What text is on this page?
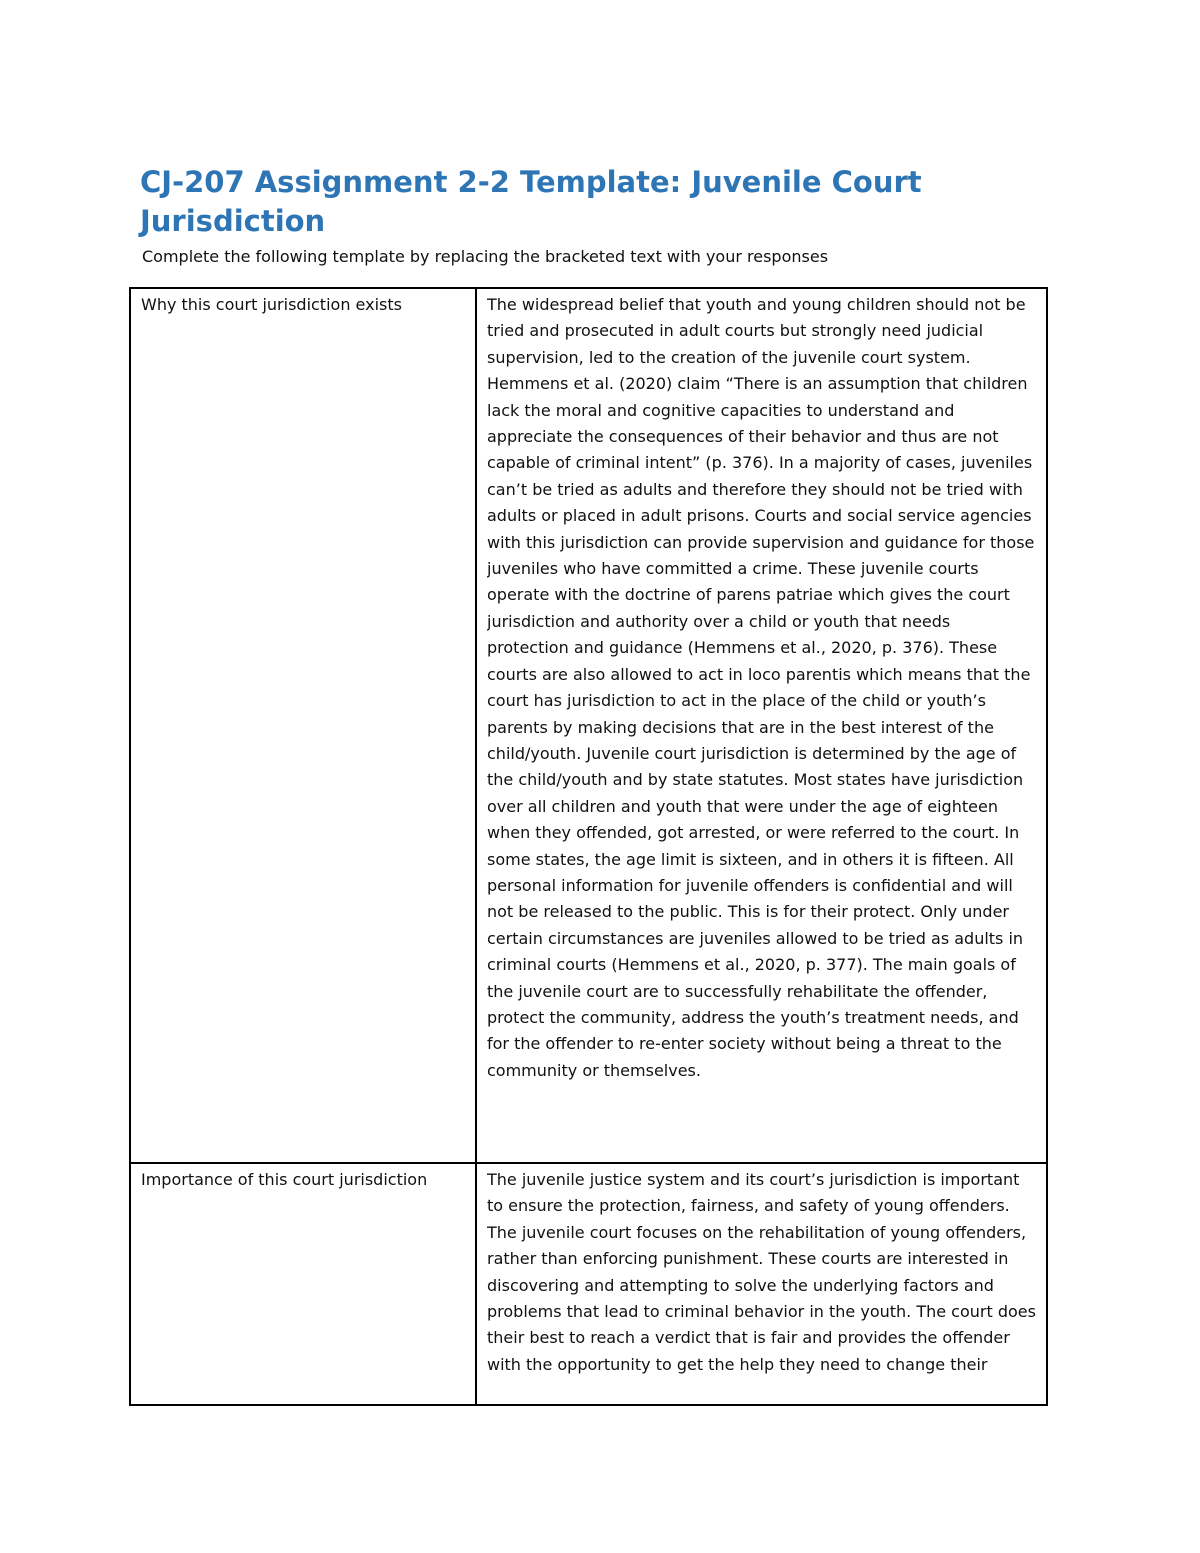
CJ-207 Assignment 2-2 Template: Juvenile Court Jurisdiction

Complete the following template by replacing the bracketed text with your responses

Why this court jurisdiction exists	The widespread belief that youth and young children should not be tried and prosecuted in adult courts but strongly need judicial supervision, led to the creation of the juvenile court system. Hemmens et al. (2020) claim “There is an assumption that children lack the moral and cognitive capacities to understand and appreciate the consequences of their behavior and thus are not capable of criminal intent” (p. 376). In a majority of cases, juveniles can’t be tried as adults and therefore they should not be tried with adults or placed in adult prisons. Courts and social service agencies with this jurisdiction can provide supervision and guidance for those juveniles who have committed a crime. These juvenile courts operate with the doctrine of parens patriae which gives the court jurisdiction and authority over a child or youth that needs protection and guidance (Hemmens et al., 2020, p. 376). These courts are also allowed to act in loco parentis which means that the court has jurisdiction to act in the place of the child or youth’s parents by making decisions that are in the best interest of the child/youth. Juvenile court jurisdiction is determined by the age of the child/youth and by state statutes. Most states have jurisdiction over all children and youth that were under the age of eighteen when they offended, got arrested, or were referred to the court. In some states, the age limit is sixteen, and in others it is fifteen. All personal information for juvenile offenders is confidential and will not be released to the public. This is for their protect. Only under certain circumstances are juveniles allowed to be tried as adults in criminal courts (Hemmens et al., 2020, p. 377). The main goals of the juvenile court are to successfully rehabilitate the offender, protect the community, address the youth’s treatment needs, and for the offender to re-enter society without being a threat to the community or themselves.

Importance of this court jurisdiction	The juvenile justice system and its court’s jurisdiction is important to ensure the protection, fairness, and safety of young offenders. The juvenile court focuses on the rehabilitation of young offenders, rather than enforcing punishment. These courts are interested in discovering and attempting to solve the underlying factors and problems that lead to criminal behavior in the youth. The court does their best to reach a verdict that is fair and provides the offender with the opportunity to get the help they need to change their
